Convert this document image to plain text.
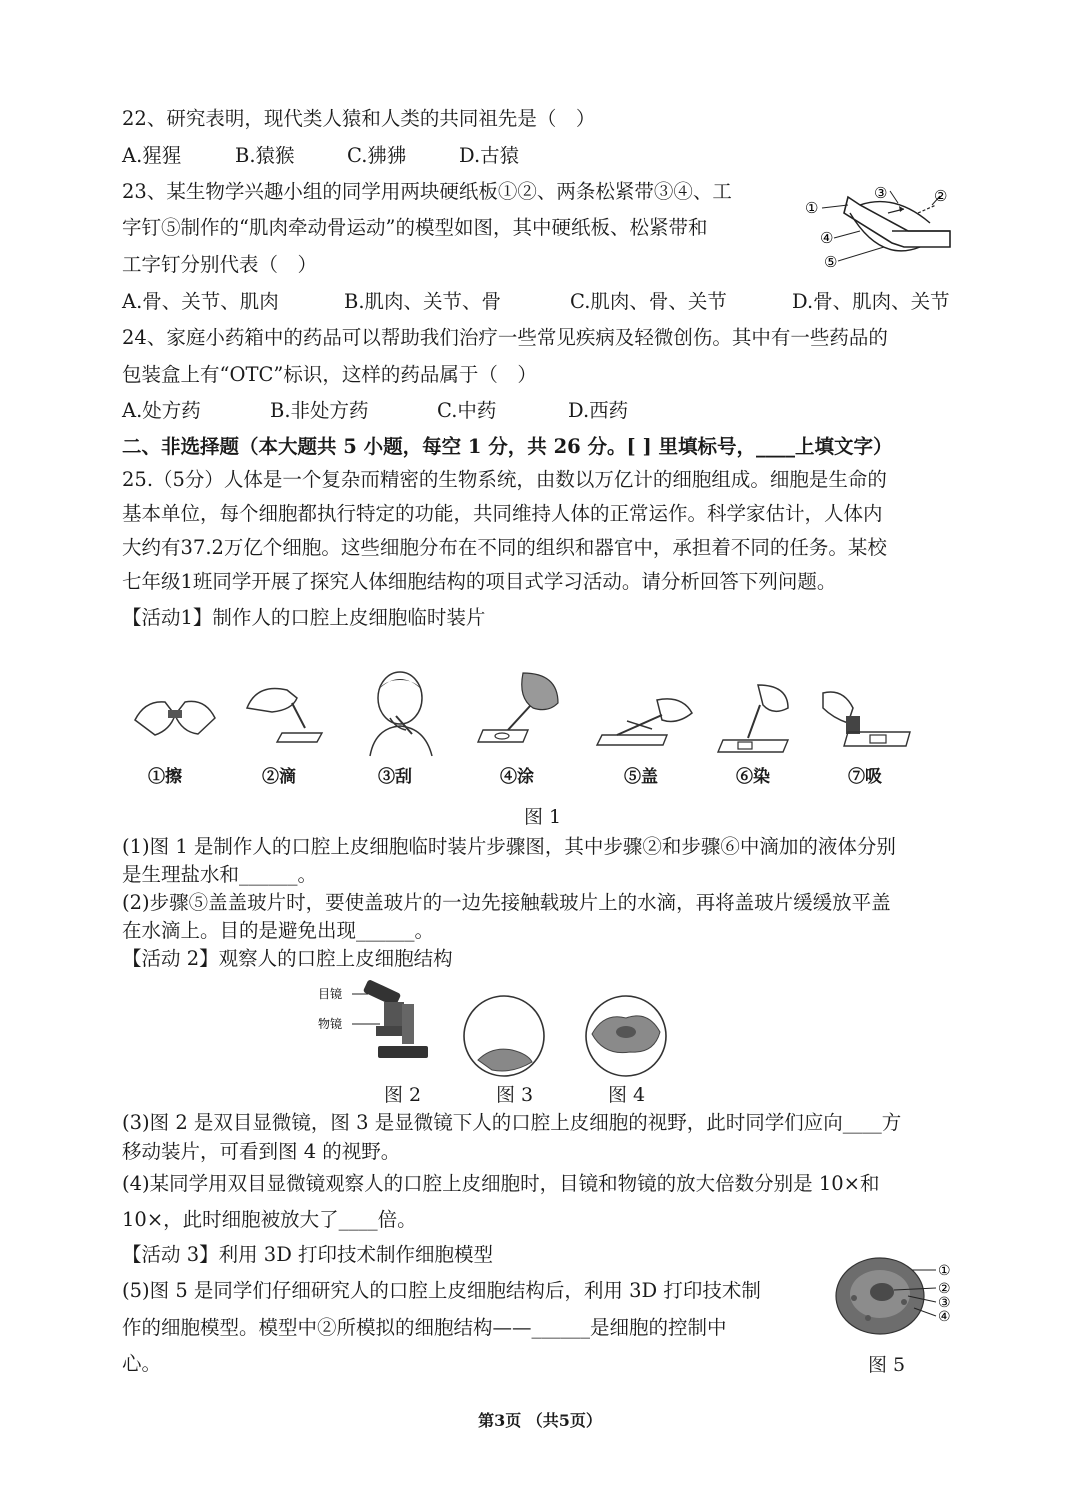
22、研究表明，现代类人猿和人类的共同祖先是（　）
A.猩猩	B.猿猴	C.狒狒	D.古猿
23、某生物学兴趣小组的同学用两块硬纸板①②、两条松紧带③④、工
字钉⑤制作的“肌肉牵动骨运动”的模型如图，其中硬纸板、松紧带和
工字钉分别代表（　）
①
②
③
④
⑤
A.骨、关节、肌肉	B.肌肉、关节、骨	C.肌肉、骨、关节	D.骨、肌肉、关节
24、家庭小药箱中的药品可以帮助我们治疗一些常见疾病及轻微创伤。其中有一些药品的
包装盒上有“OTC”标识，这样的药品属于（　）
A.处方药	B.非处方药	C.中药	D.西药
二、非选择题（本大题共 5 小题，每空 1 分，共 26 分。[ ] 里填标号，____上填文字）
25.（5分）人体是一个复杂而精密的生物系统，由数以万亿计的细胞组成。细胞是生命的
基本单位，每个细胞都执行特定的功能，共同维持人体的正常运作。科学家估计，人体内
大约有37.2万亿个细胞。这些细胞分布在不同的组织和器官中，承担着不同的任务。某校
七年级1班同学开展了探究人体细胞结构的项目式学习活动。请分析回答下列问题。
【活动1】制作人的口腔上皮细胞临时装片
①擦	②滴	③刮	④涂	⑤盖	⑥染	⑦吸
图 1
(1)图 1 是制作人的口腔上皮细胞临时装片步骤图，其中步骤②和步骤⑥中滴加的液体分别
是生理盐水和______。
(2)步骤⑤盖盖玻片时，要使盖玻片的一边先接触载玻片上的水滴，再将盖玻片缓缓放平盖
在水滴上。目的是避免出现______。
【活动 2】观察人的口腔上皮细胞结构
目镜
物镜
图 2	图 3	图 4
(3)图 2 是双目显微镜，图 3 是显微镜下人的口腔上皮细胞的视野，此时同学们应向____方
移动装片，可看到图 4 的视野。
(4)某同学用双目显微镜观察人的口腔上皮细胞时，目镜和物镜的放大倍数分别是 10×和
10×，此时细胞被放大了____倍。
【活动 3】利用 3D 打印技术制作细胞模型
(5)图 5 是同学们仔细研究人的口腔上皮细胞结构后，利用 3D 打印技术制
作的细胞模型。模型中②所模拟的细胞结构——______是细胞的控制中
心。
①
②
③
④
图 5
第3页 （共5页）
